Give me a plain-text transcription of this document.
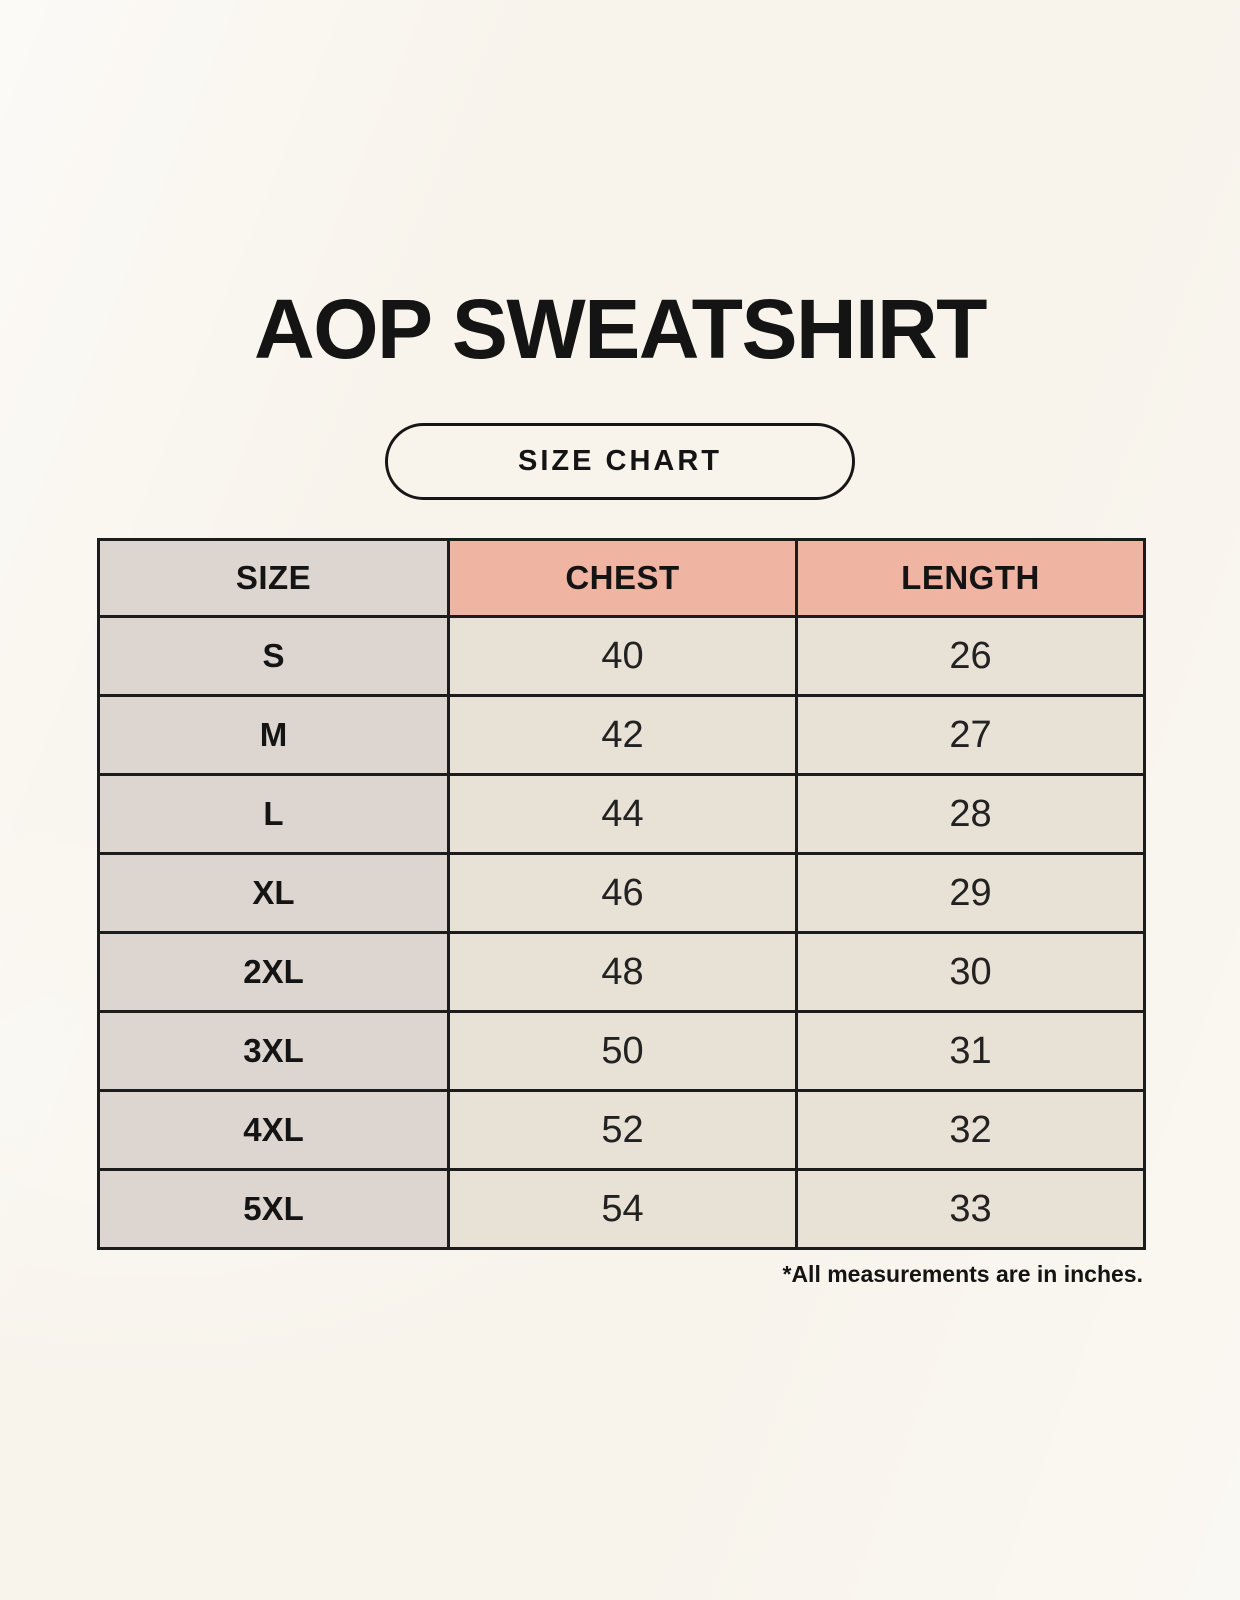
AOP SWEATSHIRT
SIZE CHART
SIZE	CHEST	LENGTH
S	40	26
M	42	27
L	44	28
XL	46	29
2XL	48	30
3XL	50	31
4XL	52	32
5XL	54	33

*All measurements are in inches.
